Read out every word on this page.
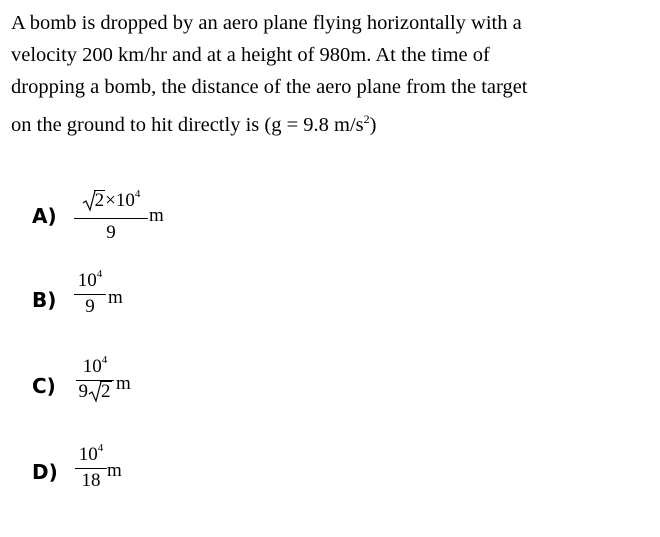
A bomb is dropped by an aero plane flying horizontally with a
velocity 200 km/hr and at a height of 980m. At the time of
dropping a bomb, the distance of the aero plane from the target
on the ground to hit directly is (g = 9.8 $m/s^2$)

A)
$2\times 10^4$
9
m
B)
$10^4$
9 m
C)
$10^4$
9 2 m
D)
$10^4$
18 m
